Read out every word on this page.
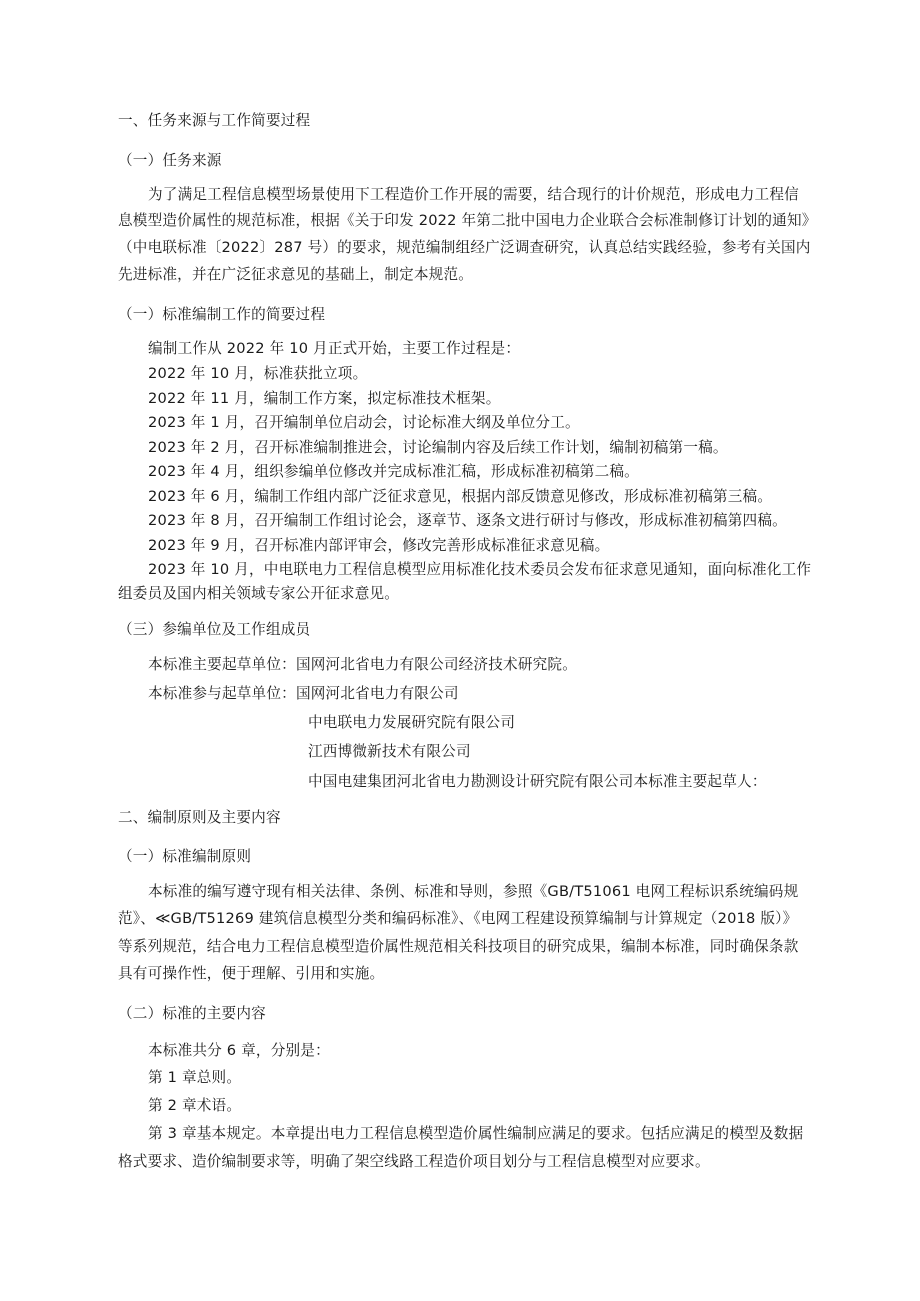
一、任务来源与工作简要过程
（一）任务来源
为了满足工程信息模型场景使用下工程造价工作开展的需要，结合现行的计价规范，形成电力工程信
息模型造价属性的规范标准，根据《关于印发 2022 年第二批中国电力企业联合会标准制修订计划的通知》
（中电联标准〔2022〕287 号）的要求，规范编制组经广泛调查研究，认真总结实践经验，参考有关国内
先进标准，并在广泛征求意见的基础上，制定本规范。
（一）标准编制工作的简要过程
编制工作从 2022 年 10 月正式开始，主要工作过程是：
2022 年 10 月，标准获批立项。
2022 年 11 月，编制工作方案，拟定标准技术框架。
2023 年 1 月，召开编制单位启动会，讨论标准大纲及单位分工。
2023 年 2 月，召开标准编制推进会，讨论编制内容及后续工作计划，编制初稿第一稿。
2023 年 4 月，组织参编单位修改并完成标准汇稿，形成标准初稿第二稿。
2023 年 6 月，编制工作组内部广泛征求意见，根据内部反馈意见修改，形成标准初稿第三稿。
2023 年 8 月，召开编制工作组讨论会，逐章节、逐条文进行研讨与修改，形成标准初稿第四稿。
2023 年 9 月，召开标准内部评审会，修改完善形成标准征求意见稿。
2023 年 10 月，中电联电力工程信息模型应用标准化技术委员会发布征求意见通知，面向标准化工作
组委员及国内相关领域专家公开征求意见。
（三）参编单位及工作组成员
本标准主要起草单位：国网河北省电力有限公司经济技术研究院。
本标准参与起草单位：国网河北省电力有限公司
中电联电力发展研究院有限公司
江西博微新技术有限公司
中国电建集团河北省电力勘测设计研究院有限公司本标准主要起草人：
二、编制原则及主要内容
（一）标准编制原则
本标准的编写遵守现有相关法律、条例、标准和导则，参照《GB/T51061 电网工程标识系统编码规
范》、≪GB/T51269 建筑信息模型分类和编码标准》、《电网工程建设预算编制与计算规定（2018 版）》
等系列规范，结合电力工程信息模型造价属性规范相关科技项目的研究成果，编制本标准，同时确保条款
具有可操作性，便于理解、引用和实施。
（二）标准的主要内容
本标准共分 6 章，分别是：
第 1 章总则。
第 2 章术语。
第 3 章基本规定。本章提出电力工程信息模型造价属性编制应满足的要求。包括应满足的模型及数据
格式要求、造价编制要求等，明确了架空线路工程造价项目划分与工程信息模型对应要求。
